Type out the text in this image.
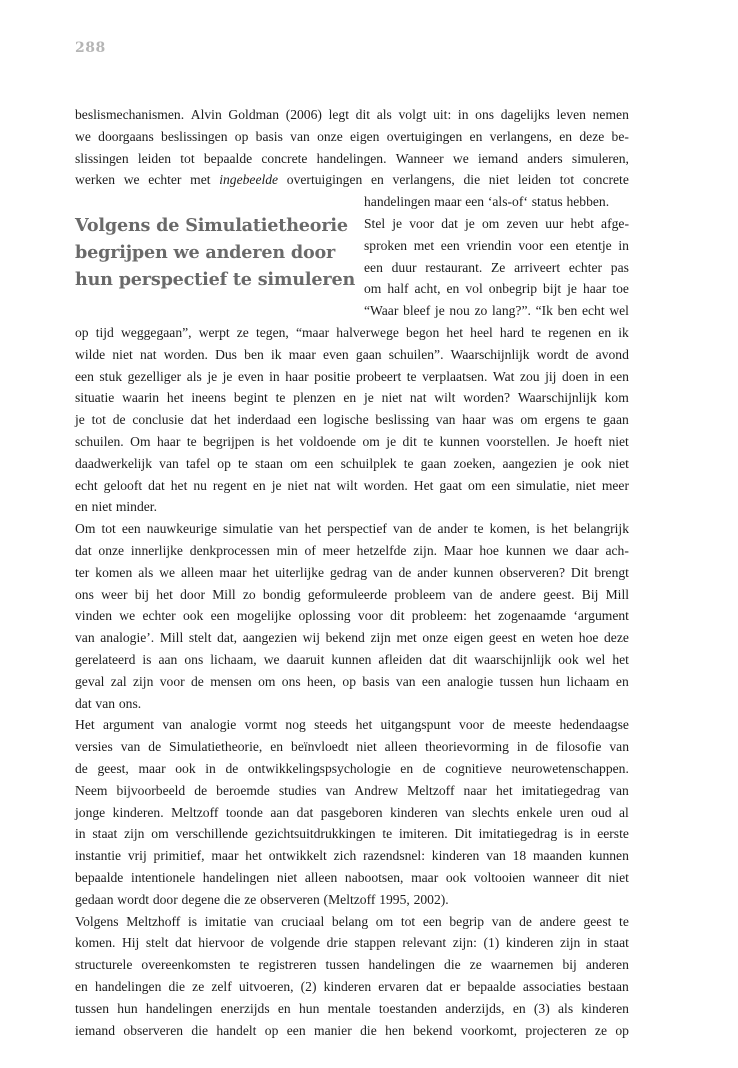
288
Volgens de Simulatietheorie
begrijpen we anderen door
hun perspectief te simuleren
beslismechanismen. Alvin Goldman (2006) legt dit als volgt uit: in ons dagelijks leven nemen
we doorgaans beslissingen op basis van onze eigen overtuigingen en verlangens, en deze be-
slissingen leiden tot bepaalde concrete handelingen. Wanneer we iemand anders simuleren,
werken we echter met ingebeelde overtuigingen en verlangens, die niet leiden tot concrete
handelingen maar een ‘als-of‘ status hebben.
Stel je voor dat je om zeven uur hebt afge-
sproken met een vriendin voor een etentje in
een duur restaurant. Ze arriveert echter pas
om half acht, en vol onbegrip bijt je haar toe
“Waar bleef je nou zo lang?”. “Ik ben echt wel
op tijd weggegaan”, werpt ze tegen, “maar halverwege begon het heel hard te regenen en ik
wilde niet nat worden. Dus ben ik maar even gaan schuilen”. Waarschijnlijk wordt de avond
een stuk gezelliger als je je even in haar positie probeert te verplaatsen. Wat zou jij doen in een
situatie waarin het ineens begint te plenzen en je niet nat wilt worden? Waarschijnlijk kom
je tot de conclusie dat het inderdaad een logische beslissing van haar was om ergens te gaan
schuilen. Om haar te begrijpen is het voldoende om je dit te kunnen voorstellen. Je hoeft niet
daadwerkelijk van tafel op te staan om een schuilplek te gaan zoeken, aangezien je ook niet
echt gelooft dat het nu regent en je niet nat wilt worden. Het gaat om een simulatie, niet meer
en niet minder.
Om tot een nauwkeurige simulatie van het perspectief van de ander te komen, is het belangrijk
dat onze innerlijke denkprocessen min of meer hetzelfde zijn. Maar hoe kunnen we daar ach-
ter komen als we alleen maar het uiterlijke gedrag van de ander kunnen observeren? Dit brengt
ons weer bij het door Mill zo bondig geformuleerde probleem van de andere geest. Bij Mill
vinden we echter ook een mogelijke oplossing voor dit probleem: het zogenaamde ‘argument
van analogie’. Mill stelt dat, aangezien wij bekend zijn met onze eigen geest en weten hoe deze
gerelateerd is aan ons lichaam, we daaruit kunnen afleiden dat dit waarschijnlijk ook wel het
geval zal zijn voor de mensen om ons heen, op basis van een analogie tussen hun lichaam en
dat van ons.
Het argument van analogie vormt nog steeds het uitgangspunt voor de meeste hedendaagse
versies van de Simulatietheorie, en beïnvloedt niet alleen theorievorming in de filosofie van
de geest, maar ook in de ontwikkelingspsychologie en de cognitieve neurowetenschappen.
Neem bijvoorbeeld de beroemde studies van Andrew Meltzoff naar het imitatiegedrag van
jonge kinderen. Meltzoff toonde aan dat pasgeboren kinderen van slechts enkele uren oud al
in staat zijn om verschillende gezichtsuitdrukkingen te imiteren. Dit imitatiegedrag is in eerste
instantie vrij primitief, maar het ontwikkelt zich razendsnel: kinderen van 18 maanden kunnen
bepaalde intentionele handelingen niet alleen nabootsen, maar ook voltooien wanneer dit niet
gedaan wordt door degene die ze observeren (Meltzoff 1995, 2002).
Volgens Meltzhoff is imitatie van cruciaal belang om tot een begrip van de andere geest te
komen. Hij stelt dat hiervoor de volgende drie stappen relevant zijn: (1) kinderen zijn in staat
structurele overeenkomsten te registreren tussen handelingen die ze waarnemen bij anderen
en handelingen die ze zelf uitvoeren, (2) kinderen ervaren dat er bepaalde associaties bestaan
tussen hun handelingen enerzijds en hun mentale toestanden anderzijds, en (3) als kinderen
iemand observeren die handelt op een manier die hen bekend voorkomt, projecteren ze op
